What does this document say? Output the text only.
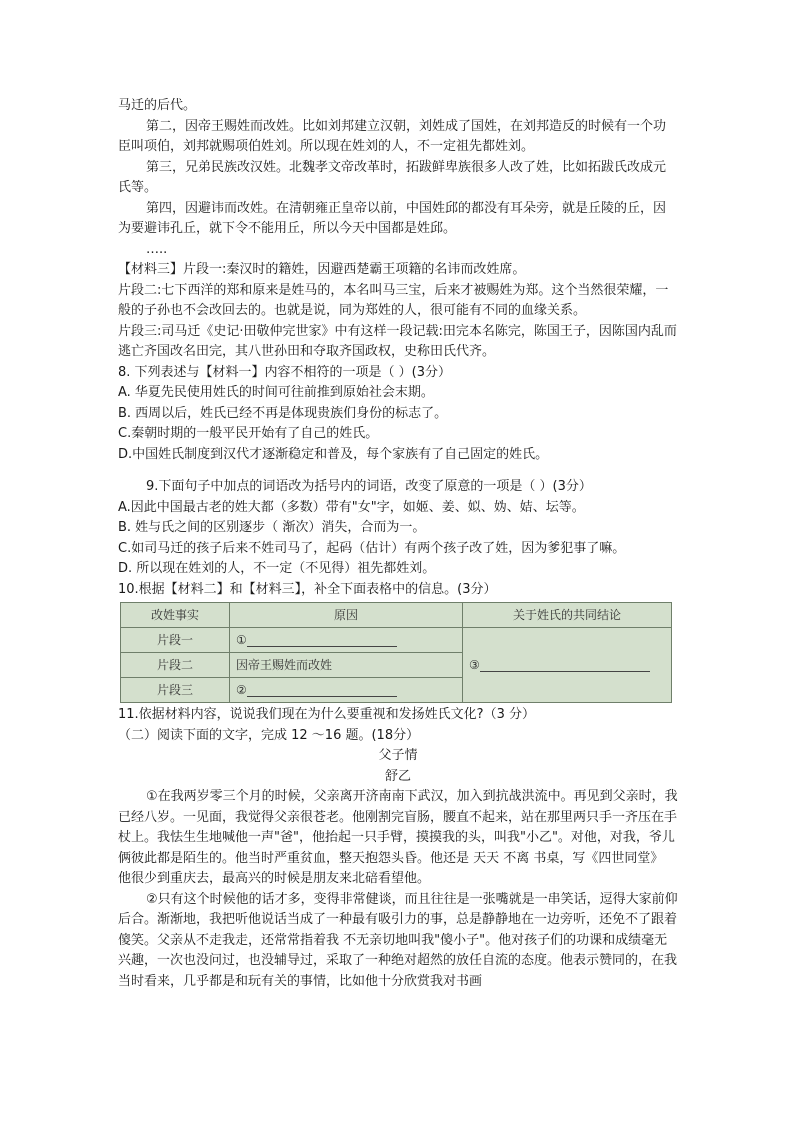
马迁的后代。

第二，因帝王赐姓而改姓。比如刘邦建立汉朝，刘姓成了国姓，在刘邦造反的时候有一个功臣叫项伯，刘邦就赐项伯姓刘。所以现在姓刘的人，不一定祖先都姓刘。

第三，兄弟民族改汉姓。北魏孝文帝改革时，拓跋鲜卑族很多人改了姓，比如拓跋氏改成元氏等。

第四，因避讳而改姓。在清朝雍正皇帝以前，中国姓邱的都没有耳朵旁，就是丘陵的丘，因为要避讳孔丘，就下令不能用丘，所以今天中国都是姓邱。

…..

【材料三】片段一:秦汉时的籍姓，因避西楚霸王项籍的名讳而改姓席。

片段二:七下西洋的郑和原来是姓马的，本名叫马三宝，后来才被赐姓为郑。这个当然很荣耀，一般的子孙也不会改回去的。也就是说，同为郑姓的人，很可能有不同的血缘关系。

片段三:司马迁《史记·田敬仲完世家》中有这样一段记载:田完本名陈完，陈国王子，因陈国内乱而逃亡齐国改名田完，其八世孙田和夺取齐国政权，史称田氏代齐。

8. 下列表述与【材料一】内容不相符的一项是（ ）(3分）

A. 华夏先民使用姓氏的时间可往前推到原始社会末期。

B. 西周以后，姓氏已经不再是体现贵族们身份的标志了。

C.秦朝时期的一般平民开始有了自己的姓氏。

D.中国姓氏制度到汉代才逐渐稳定和普及，每个家族有了自己固定的姓氏。

9.下面句子中加点的词语改为括号内的词语，改变了原意的一项是（ ）(3分）

A.因此中国最古老的姓大都（多数）带有"女"字，如姬、姜、姒、妫、姞、坛等。

B. 姓与氏之间的区别逐步（ 渐次）消失，合而为一。

C.如司马迁的孩子后来不姓司马了，起码（估计）有两个孩子改了姓，因为爹犯事了嘛。

D. 所以现在姓刘的人，不一定（不见得）祖先都姓刘。

10.根据【材料二】和【材料三】，补全下面表格中的信息。(3分）

改姓事实	原因	关于姓氏的共同结论
片段一	①	③
片段二	因帝王赐姓而改姓	
片段三	②	

11.依据材料内容，说说我们现在为什么要重视和发扬姓氏文化?（3 分）

（二）阅读下面的文字，完成 12 ～16 题。(18分）

父子情

舒乙

①在我两岁零三个月的时候，父亲离开济南南下武汉，加入到抗战洪流中。再见到父亲时，我已经八岁。一见面，我觉得父亲很苍老。他刚割完盲肠，腰直不起来，站在那里两只手一齐压在手杖上。我怯生生地喊他一声"爸"，他抬起一只手臂，摸摸我的头，叫我"小乙"。对他，对我，爷儿俩彼此都是陌生的。他当时严重贫血，整天抱怨头昏。他还是 天天 不离 书桌，写《四世同堂》 他很少到重庆去，最高兴的时候是朋友来北碚看望他。

②只有这个时候他的话才多，变得非常健谈，而且往往是一张嘴就是一串笑话，逗得大家前仰后合。渐渐地，我把听他说话当成了一种最有吸引力的事，总是静静地在一边旁听，还免不了跟着傻笑。父亲从不走我走，还常常指着我 不无亲切地叫我"傻小子"。他对孩子们的功课和成绩毫无兴趣，一次也没问过，也没辅导过，采取了一种绝对超然的放任自流的态度。他表示赞同的，在我当时看来，几乎都是和玩有关的事情，比如他十分欣赏我对书画
